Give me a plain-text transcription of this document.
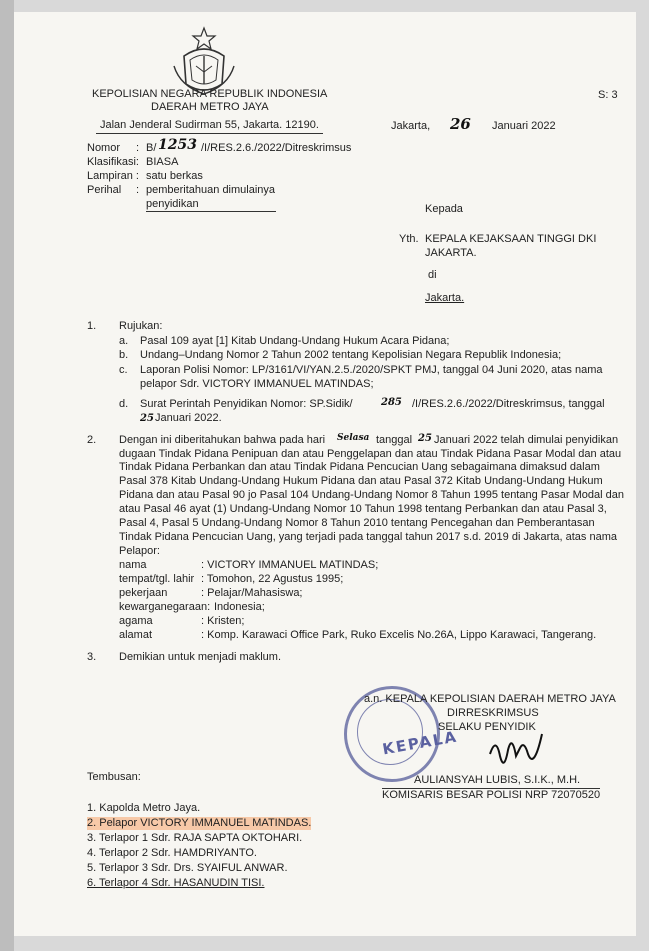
KEPOLISIAN NEGARA REPUBLIK INDONESIA
DAERAH METRO JAYA
Jalan Jenderal Sudirman 55, Jakarta. 12190.
S: 3
Jakarta, 26 Januari 2022
Nomor : B/ 1253 /I/RES.2.6./2022/Ditreskrimsus
Klasifikasi: BIASA
Lampiran : satu berkas
Perihal : pemberitahuan dimulainya
penyidikan	Kepada
Yth. KEPALA KEJAKSAAN TINGGI DKI
JAKARTA.
di
Jakarta.
1. Rujukan:
a. Pasal 109 ayat [1] Kitab Undang-Undang Hukum Acara Pidana;
b. Undang–Undang Nomor 2 Tahun 2002 tentang Kepolisian Negara Republik Indonesia;
c. Laporan Polisi Nomor: LP/3161/VI/YAN.2.5./2020/SPKT PMJ, tanggal 04 Juni 2020, atas nama
pelapor Sdr. VICTORY IMMANUEL MATINDAS;
d. Surat Perintah Penyidikan Nomor: SP.Sidik/	285 /I/RES.2.6./2022/Ditreskrimsus, tanggal
25 Januari 2022.
2. Dengan ini diberitahukan bahwa pada hari Selasa tanggal 25 Januari 2022 telah dimulai penyidikan
dugaan Tindak Pidana Penipuan dan atau Penggelapan dan atau Tindak Pidana Pasar Modal dan atau
Tindak Pidana Perbankan dan atau Tindak Pidana Pencucian Uang sebagaimana dimaksud dalam
Pasal 378 Kitab Undang-Undang Hukum Pidana dan atau Pasal 372 Kitab Undang-Undang Hukum
Pidana dan atau Pasal 90 jo Pasal 104 Undang-Undang Nomor 8 Tahun 1995 tentang Pasar Modal dan
atau Pasal 46 ayat (1) Undang-Undang Nomor 10 Tahun 1998 tentang Perbankan dan atau Pasal 3,
Pasal 4, Pasal 5 Undang-Undang Nomor 8 Tahun 2010 tentang Pencegahan dan Pemberantasan
Tindak Pidana Pencucian Uang, yang terjadi pada tanggal tahun 2017 s.d. 2019 di Jakarta, atas nama
Pelapor:
nama	: VICTORY IMMANUEL MATINDAS;
tempat/tgl. lahir : Tomohon, 22 Agustus 1995;
pekerjaan	: Pelajar/Mahasiswa;
kewarganegaraan: Indonesia;
agama	: Kristen;
alamat	: Komp. Karawaci Office Park, Ruko Excelis No.26A, Lippo Karawaci, Tangerang.
3. Demikian untuk menjadi maklum.
KEPALA
a.n. KEPALA KEPOLISIAN DAERAH METRO JAYA
DIRRESKRIMSUS
SELAKU PENYIDIK
AULIANSYAH LUBIS, S.I.K., M.H.
KOMISARIS BESAR POLISI NRP 72070520
Tembusan:
1. Kapolda Metro Jaya.
2. Pelapor VICTORY IMMANUEL MATINDAS.
3. Terlapor 1 Sdr. RAJA SAPTA OKTOHARI.
4. Terlapor 2 Sdr. HAMDRIYANTO.
5. Terlapor 3 Sdr. Drs. SYAIFUL ANWAR.
6. Terlapor 4 Sdr. HASANUDIN TISI.
